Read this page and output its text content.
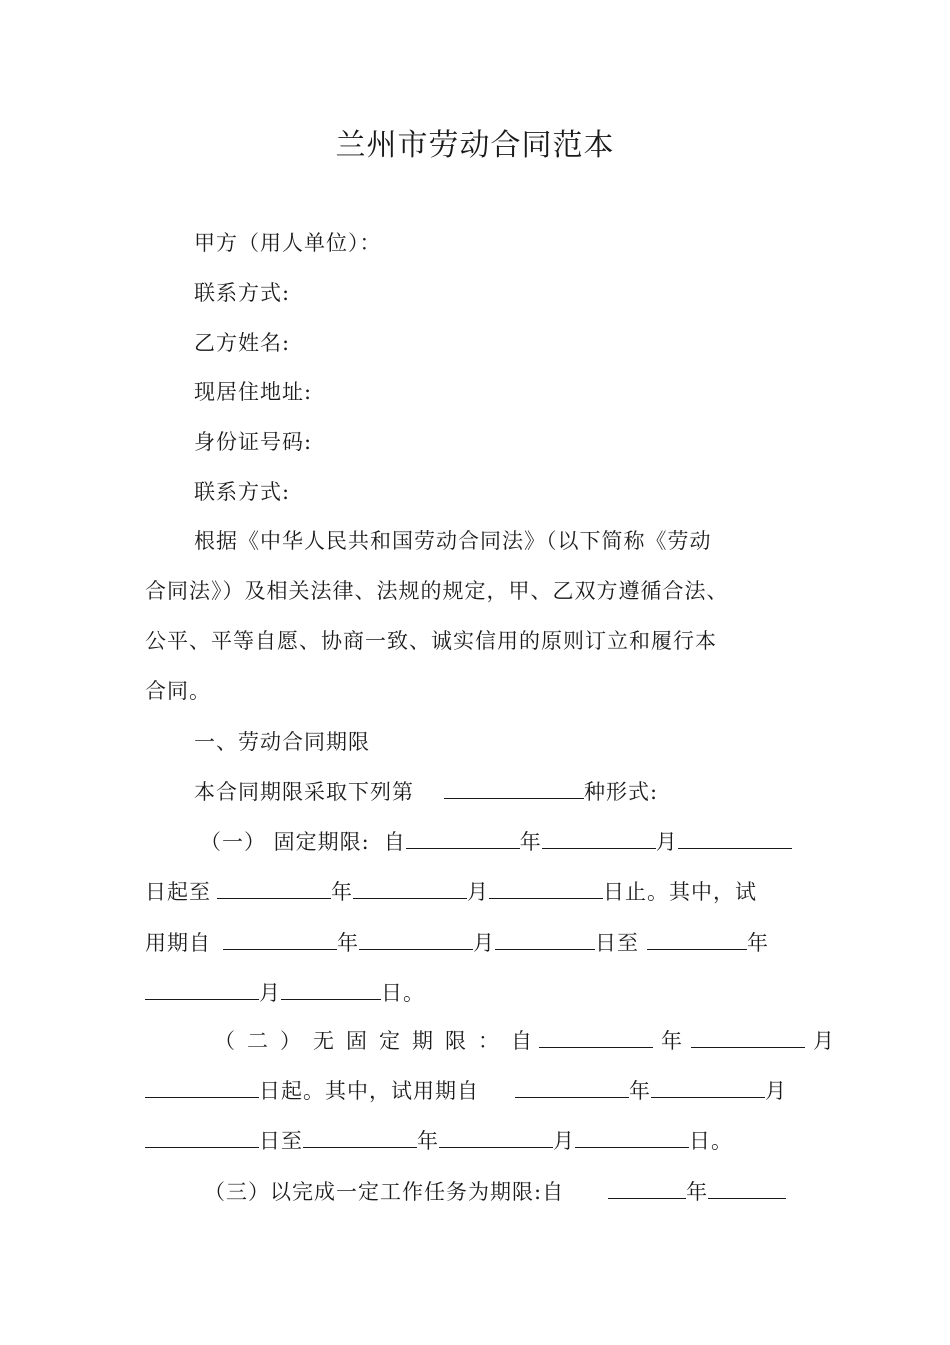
兰州市劳动合同范本
甲方（用人单位）：
联系方式:
乙方姓名:
现居住地址:
身份证号码:
联系方式:
根据《中华人民共和国劳动合同法》（以下简称《劳动
合同法》）及相关法律、法规的规定，甲、乙双方遵循合法、
公平、平等自愿、协商一致、诚实信用的原则订立和履行本
合同。
一、劳动合同期限
本合同期限采取下列第	种形式:
（一） 固定期限: 自	年	月
日起至	年	月	日止。其中，试
用期自	年	月	日至	年
月	日。
（二）无固定期限：自	年	月
日起。其中，试用期自	年	月
日至	年	月	日。
（三）以完成一定工作任务为期限:自	年
